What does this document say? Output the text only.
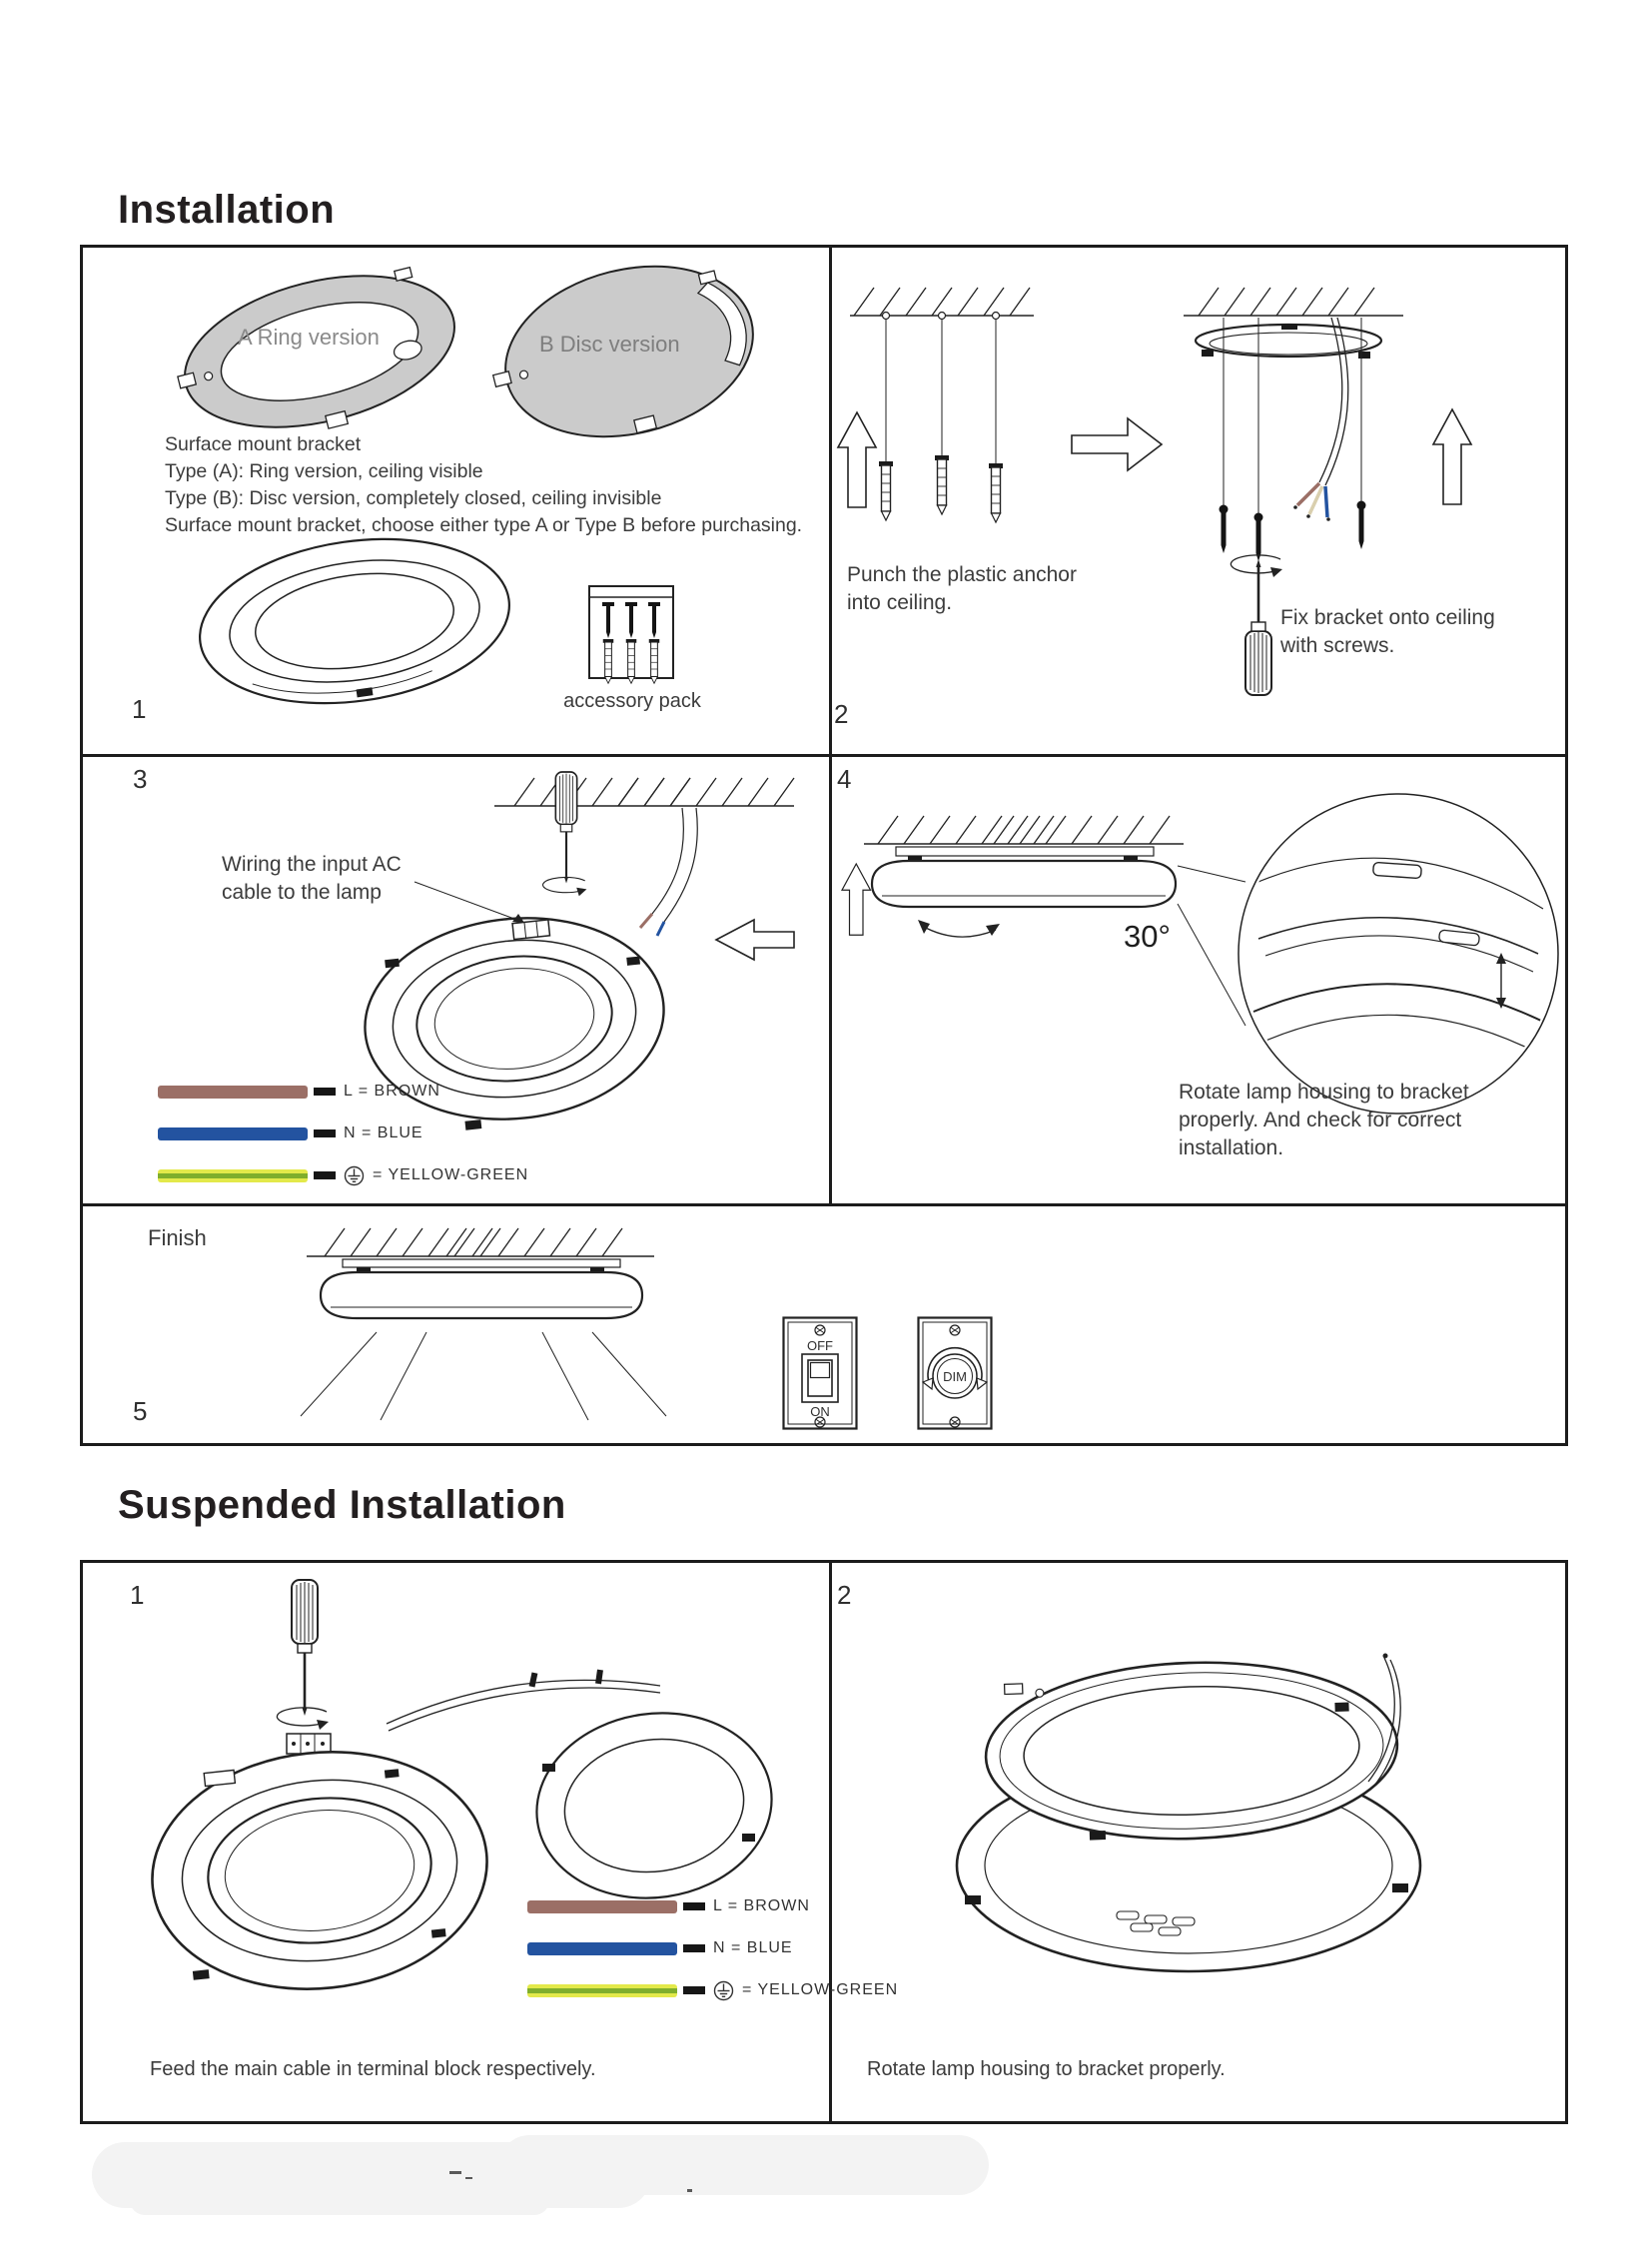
Installation
A Ring version	B Disc version
Surface mount bracket
Type (A): Ring version, ceiling visible
Type (B): Disc version, completely closed, ceiling invisible
Surface mount bracket, choose either type A or Type B before purchasing.
accessory pack
1
Punch the plastic anchor
into ceiling.
Fix bracket onto ceiling
with screws.
2
3
Wiring the input AC
cable to the lamp
L = BROWN
N = BLUE
= YELLOW-GREEN
4
30°
Rotate lamp housing to bracket
properly. And check for correct
installation.
Finish
OFF
ON
DIM
5
Suspended Installation
1	2
L = BROWN
N = BLUE
= YELLOW-GREEN
Feed the main cable in terminal block respectively.	Rotate lamp housing to bracket properly.
